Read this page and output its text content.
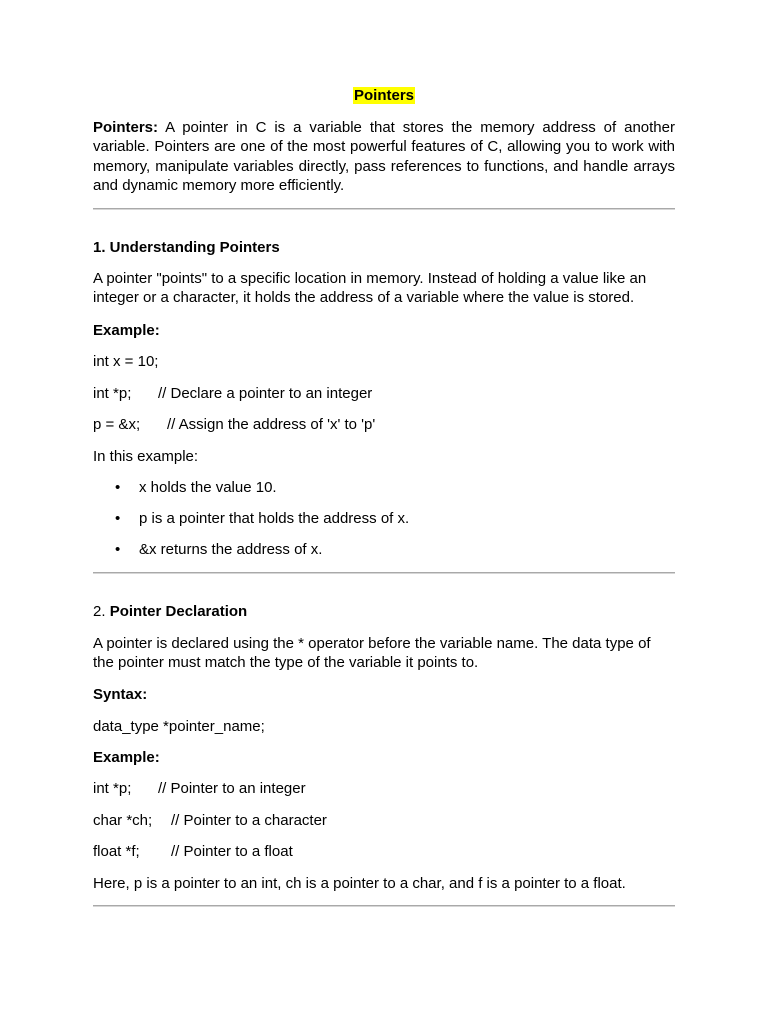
Pointers
Pointers: A pointer in C is a variable that stores the memory address of another variable. Pointers are one of the most powerful features of C, allowing you to work with memory, manipulate variables directly, pass references to functions, and handle arrays and dynamic memory more efficiently.
1. Understanding Pointers
A pointer "points" to a specific location in memory. Instead of holding a value like an integer or a character, it holds the address of a variable where the value is stored.
Example:
int x = 10;
int *p; // Declare a pointer to an integer
p = &x; // Assign the address of 'x' to 'p'
In this example:

•

x holds the value 10.

•

p is a pointer that holds the address of x.

•

&x returns the address of x.

2. Pointer Declaration
A pointer is declared using the * operator before the variable name. The data type of the pointer must match the type of the variable it points to.
Syntax:
data_type *pointer_name;
Example:
int *p; // Pointer to an integer
char *ch; // Pointer to a character
float *f; // Pointer to a float
Here, p is a pointer to an int, ch is a pointer to a char, and f is a pointer to a float.
